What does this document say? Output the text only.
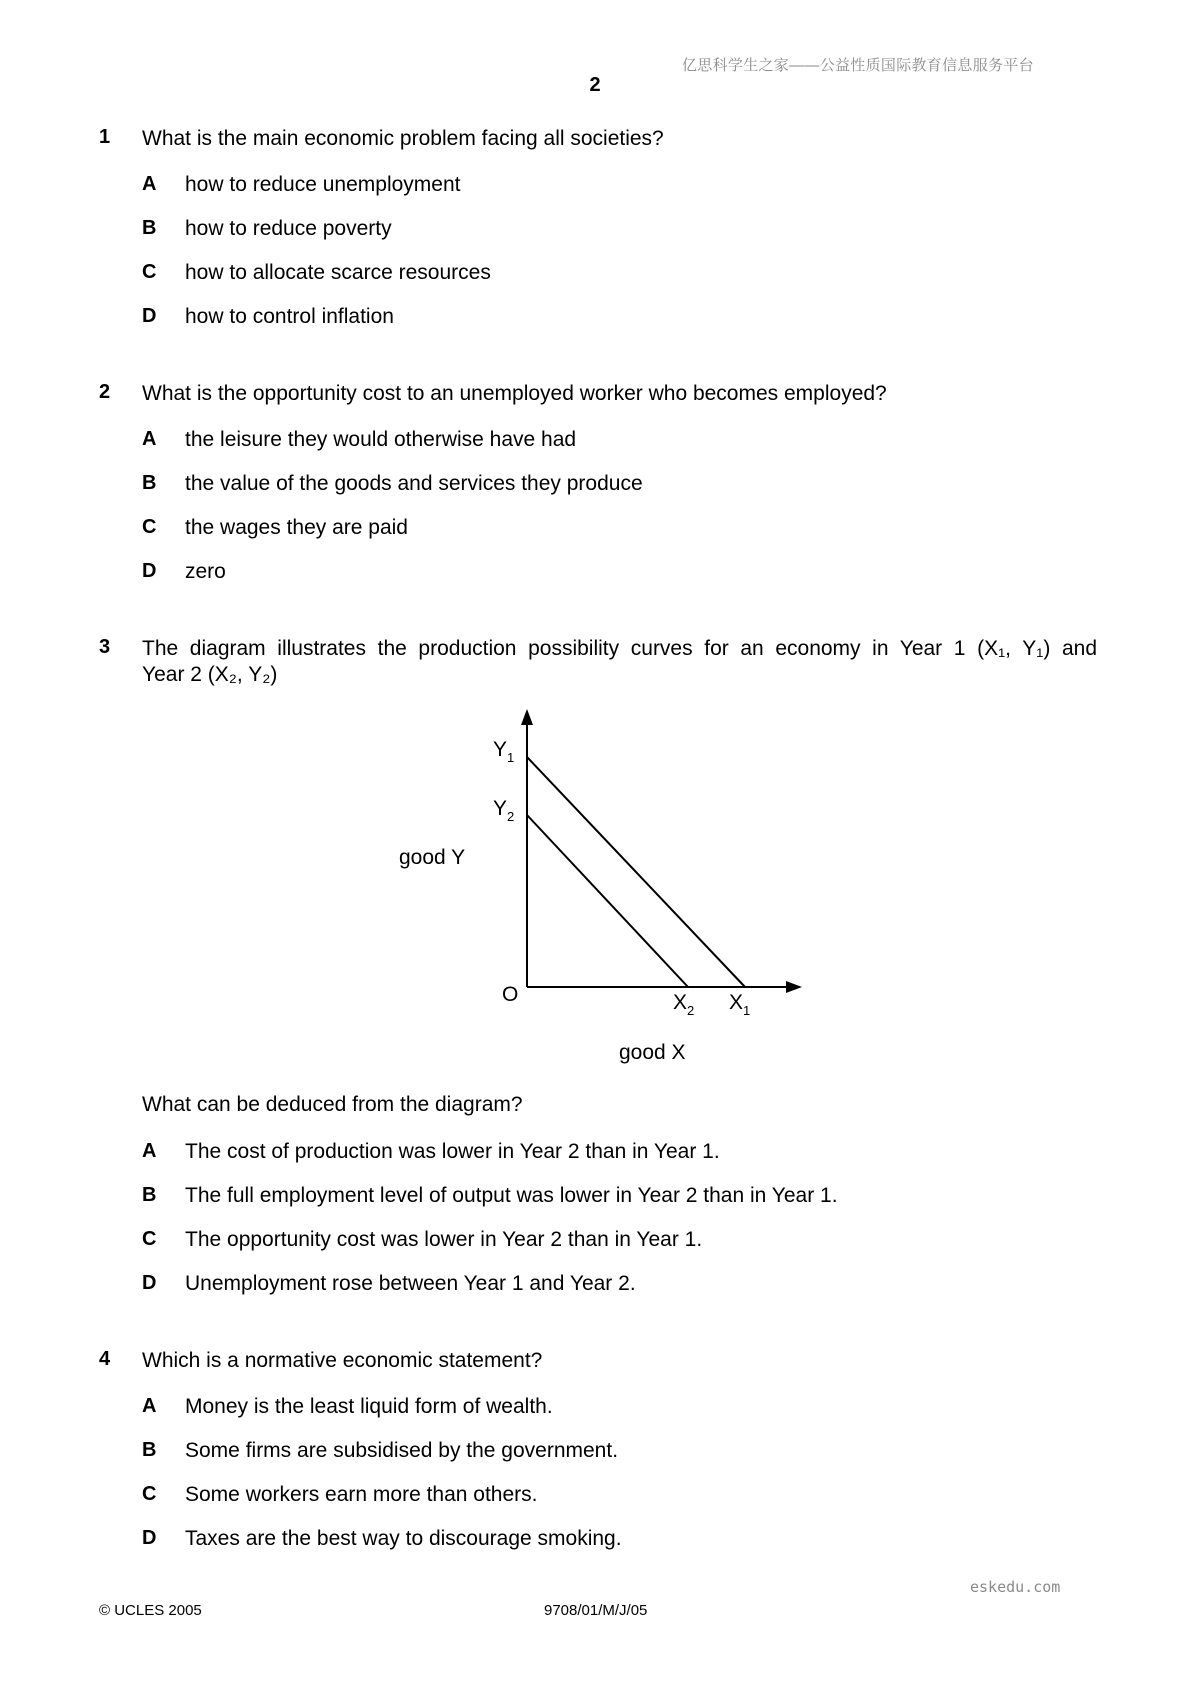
亿思科学生之家——公益性质国际教育信息服务平台
2
1 What is the main economic problem facing all societies?
A how to reduce unemployment
B how to reduce poverty
C how to allocate scarce resources
D how to control inflation
2 What is the opportunity cost to an unemployed worker who becomes employed?
A the leisure they would otherwise have had
B the value of the goods and services they produce
C the wages they are paid
D zero
3 The diagram illustrates the production possibility curves for an economy in Year 1 (X₁, Y₁) and
Year 2 (X₂, Y₂)
$Y_1$
$Y_2$
good Y
O	$X_2$ $X_1$
good X
What can be deduced from the diagram?
A The cost of production was lower in Year 2 than in Year 1.
B The full employment level of output was lower in Year 2 than in Year 1.
C The opportunity cost was lower in Year 2 than in Year 1.
D Unemployment rose between Year 1 and Year 2.
4 Which is a normative economic statement?
A Money is the least liquid form of wealth.
B Some firms are subsidised by the government.
C Some workers earn more than others.
D Taxes are the best way to discourage smoking.
eskedu.com
© UCLES 2005	9708/01/M/J/05
